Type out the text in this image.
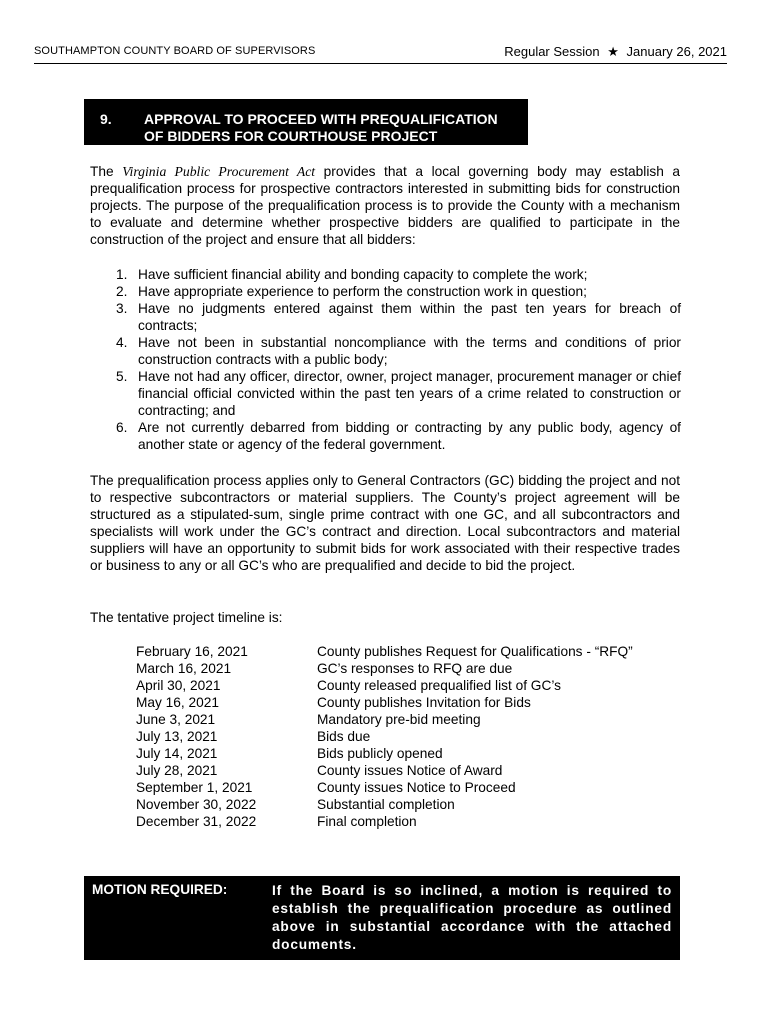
SOUTHAMPTON COUNTY BOARD OF SUPERVISORS	Regular Session ★ January 26, 2021
9. APPROVAL TO PROCEED WITH PREQUALIFICATION
OF BIDDERS FOR COURTHOUSE PROJECT
The Virginia Public Procurement Act provides that a local governing body may establish a prequalification process for prospective contractors interested in submitting bids for construction projects. The purpose of the prequalification process is to provide the County with a mechanism to evaluate and determine whether prospective bidders are qualified to participate in the construction of the project and ensure that all bidders:
1. Have sufficient financial ability and bonding capacity to complete the work;
2. Have appropriate experience to perform the construction work in question;
3. Have no judgments entered against them within the past ten years for breach of contracts;
4. Have not been in substantial noncompliance with the terms and conditions of prior construction contracts with a public body;
5. Have not had any officer, director, owner, project manager, procurement manager or chief financial official convicted within the past ten years of a crime related to construction or contracting; and
6. Are not currently debarred from bidding or contracting by any public body, agency of another state or agency of the federal government.
The prequalification process applies only to General Contractors (GC) bidding the project and not to respective subcontractors or material suppliers. The County’s project agreement will be structured as a stipulated-sum, single prime contract with one GC, and all subcontractors and specialists will work under the GC’s contract and direction. Local subcontractors and material suppliers will have an opportunity to submit bids for work associated with their respective trades or business to any or all GC’s who are prequalified and decide to bid the project.
The tentative project timeline is:
February 16, 2021	County publishes Request for Qualifications - “RFQ”
March 16, 2021	GC’s responses to RFQ are due
April 30, 2021	County released prequalified list of GC’s
May 16, 2021	County publishes Invitation for Bids
June 3, 2021	Mandatory pre-bid meeting
July 13, 2021	Bids due
July 14, 2021	Bids publicly opened
July 28, 2021	County issues Notice of Award
September 1, 2021	County issues Notice to Proceed
November 30, 2022	Substantial completion
December 31, 2022	Final completion
MOTION REQUIRED:	If the Board is so inclined, a motion is required to establish the prequalification procedure as outlined above in substantial accordance with the attached documents.
